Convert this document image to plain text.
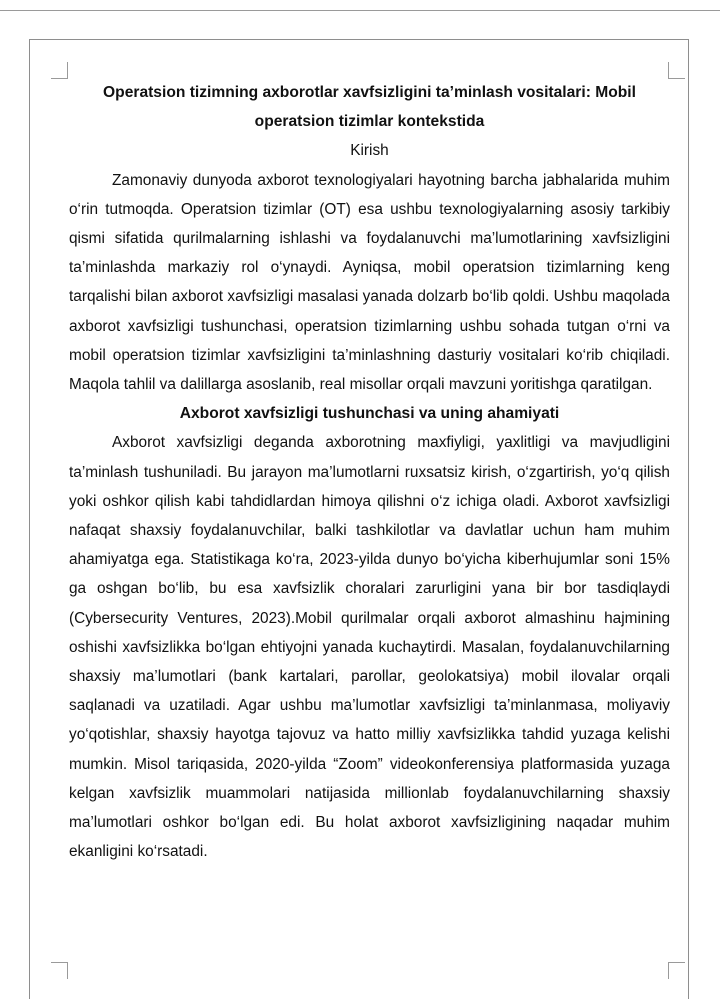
Operatsion tizimning axborotlar xavfsizligini ta’minlash vositalari: Mobil operatsion tizimlar kontekstida

Kirish

Zamonaviy dunyoda axborot texnologiyalari hayotning barcha jabhalarida muhim o‘rin tutmoqda. Operatsion tizimlar (OT) esa ushbu texnologiyalarning asosiy tarkibiy qismi sifatida qurilmalarning ishlashi va foydalanuvchi ma’lumotlarining xavfsizligini ta’minlashda markaziy rol o‘ynaydi. Ayniqsa, mobil operatsion tizimlarning keng tarqalishi bilan axborot xavfsizligi masalasi yanada dolzarb bo‘lib qoldi. Ushbu maqolada axborot xavfsizligi tushunchasi, operatsion tizimlarning ushbu sohada tutgan o‘rni va mobil operatsion tizimlar xavfsizligini ta’minlashning dasturiy vositalari ko‘rib chiqiladi. Maqola tahlil va dalillarga asoslanib, real misollar orqali mavzuni yoritishga qaratilgan.

Axborot xavfsizligi tushunchasi va uning ahamiyati

Axborot xavfsizligi deganda axborotning maxfiyligi, yaxlitligi va mavjudligini ta’minlash tushuniladi. Bu jarayon ma’lumotlarni ruxsatsiz kirish, o‘zgartirish, yo‘q qilish yoki oshkor qilish kabi tahdidlardan himoya qilishni o‘z ichiga oladi. Axborot xavfsizligi nafaqat shaxsiy foydalanuvchilar, balki tashkilotlar va davlatlar uchun ham muhim ahamiyatga ega. Statistikaga ko‘ra, 2023-yilda dunyo bo‘yicha kiberhujumlar soni 15% ga oshgan bo‘lib, bu esa xavfsizlik choralari zarurligini yana bir bor tasdiqlaydi (Cybersecurity Ventures, 2023).Mobil qurilmalar orqali axborot almashinu hajmining oshishi xavfsizlikka bo‘lgan ehtiyojni yanada kuchaytirdi. Masalan, foydalanuvchilarning shaxsiy ma’lumotlari (bank kartalari, parollar, geolokatsiya) mobil ilovalar orqali saqlanadi va uzatiladi. Agar ushbu ma’lumotlar xavfsizligi ta’minlanmasa, moliyaviy yo‘qotishlar, shaxsiy hayotga tajovuz va hatto milliy xavfsizlikka tahdid yuzaga kelishi mumkin. Misol tariqasida, 2020-yilda “Zoom” videokonferensiya platformasida yuzaga kelgan xavfsizlik muammolari natijasida millionlab foydalanuvchilarning shaxsiy ma’lumotlari oshkor bo‘lgan edi. Bu holat axborot xavfsizligining naqadar muhim ekanligini ko‘rsatadi.
